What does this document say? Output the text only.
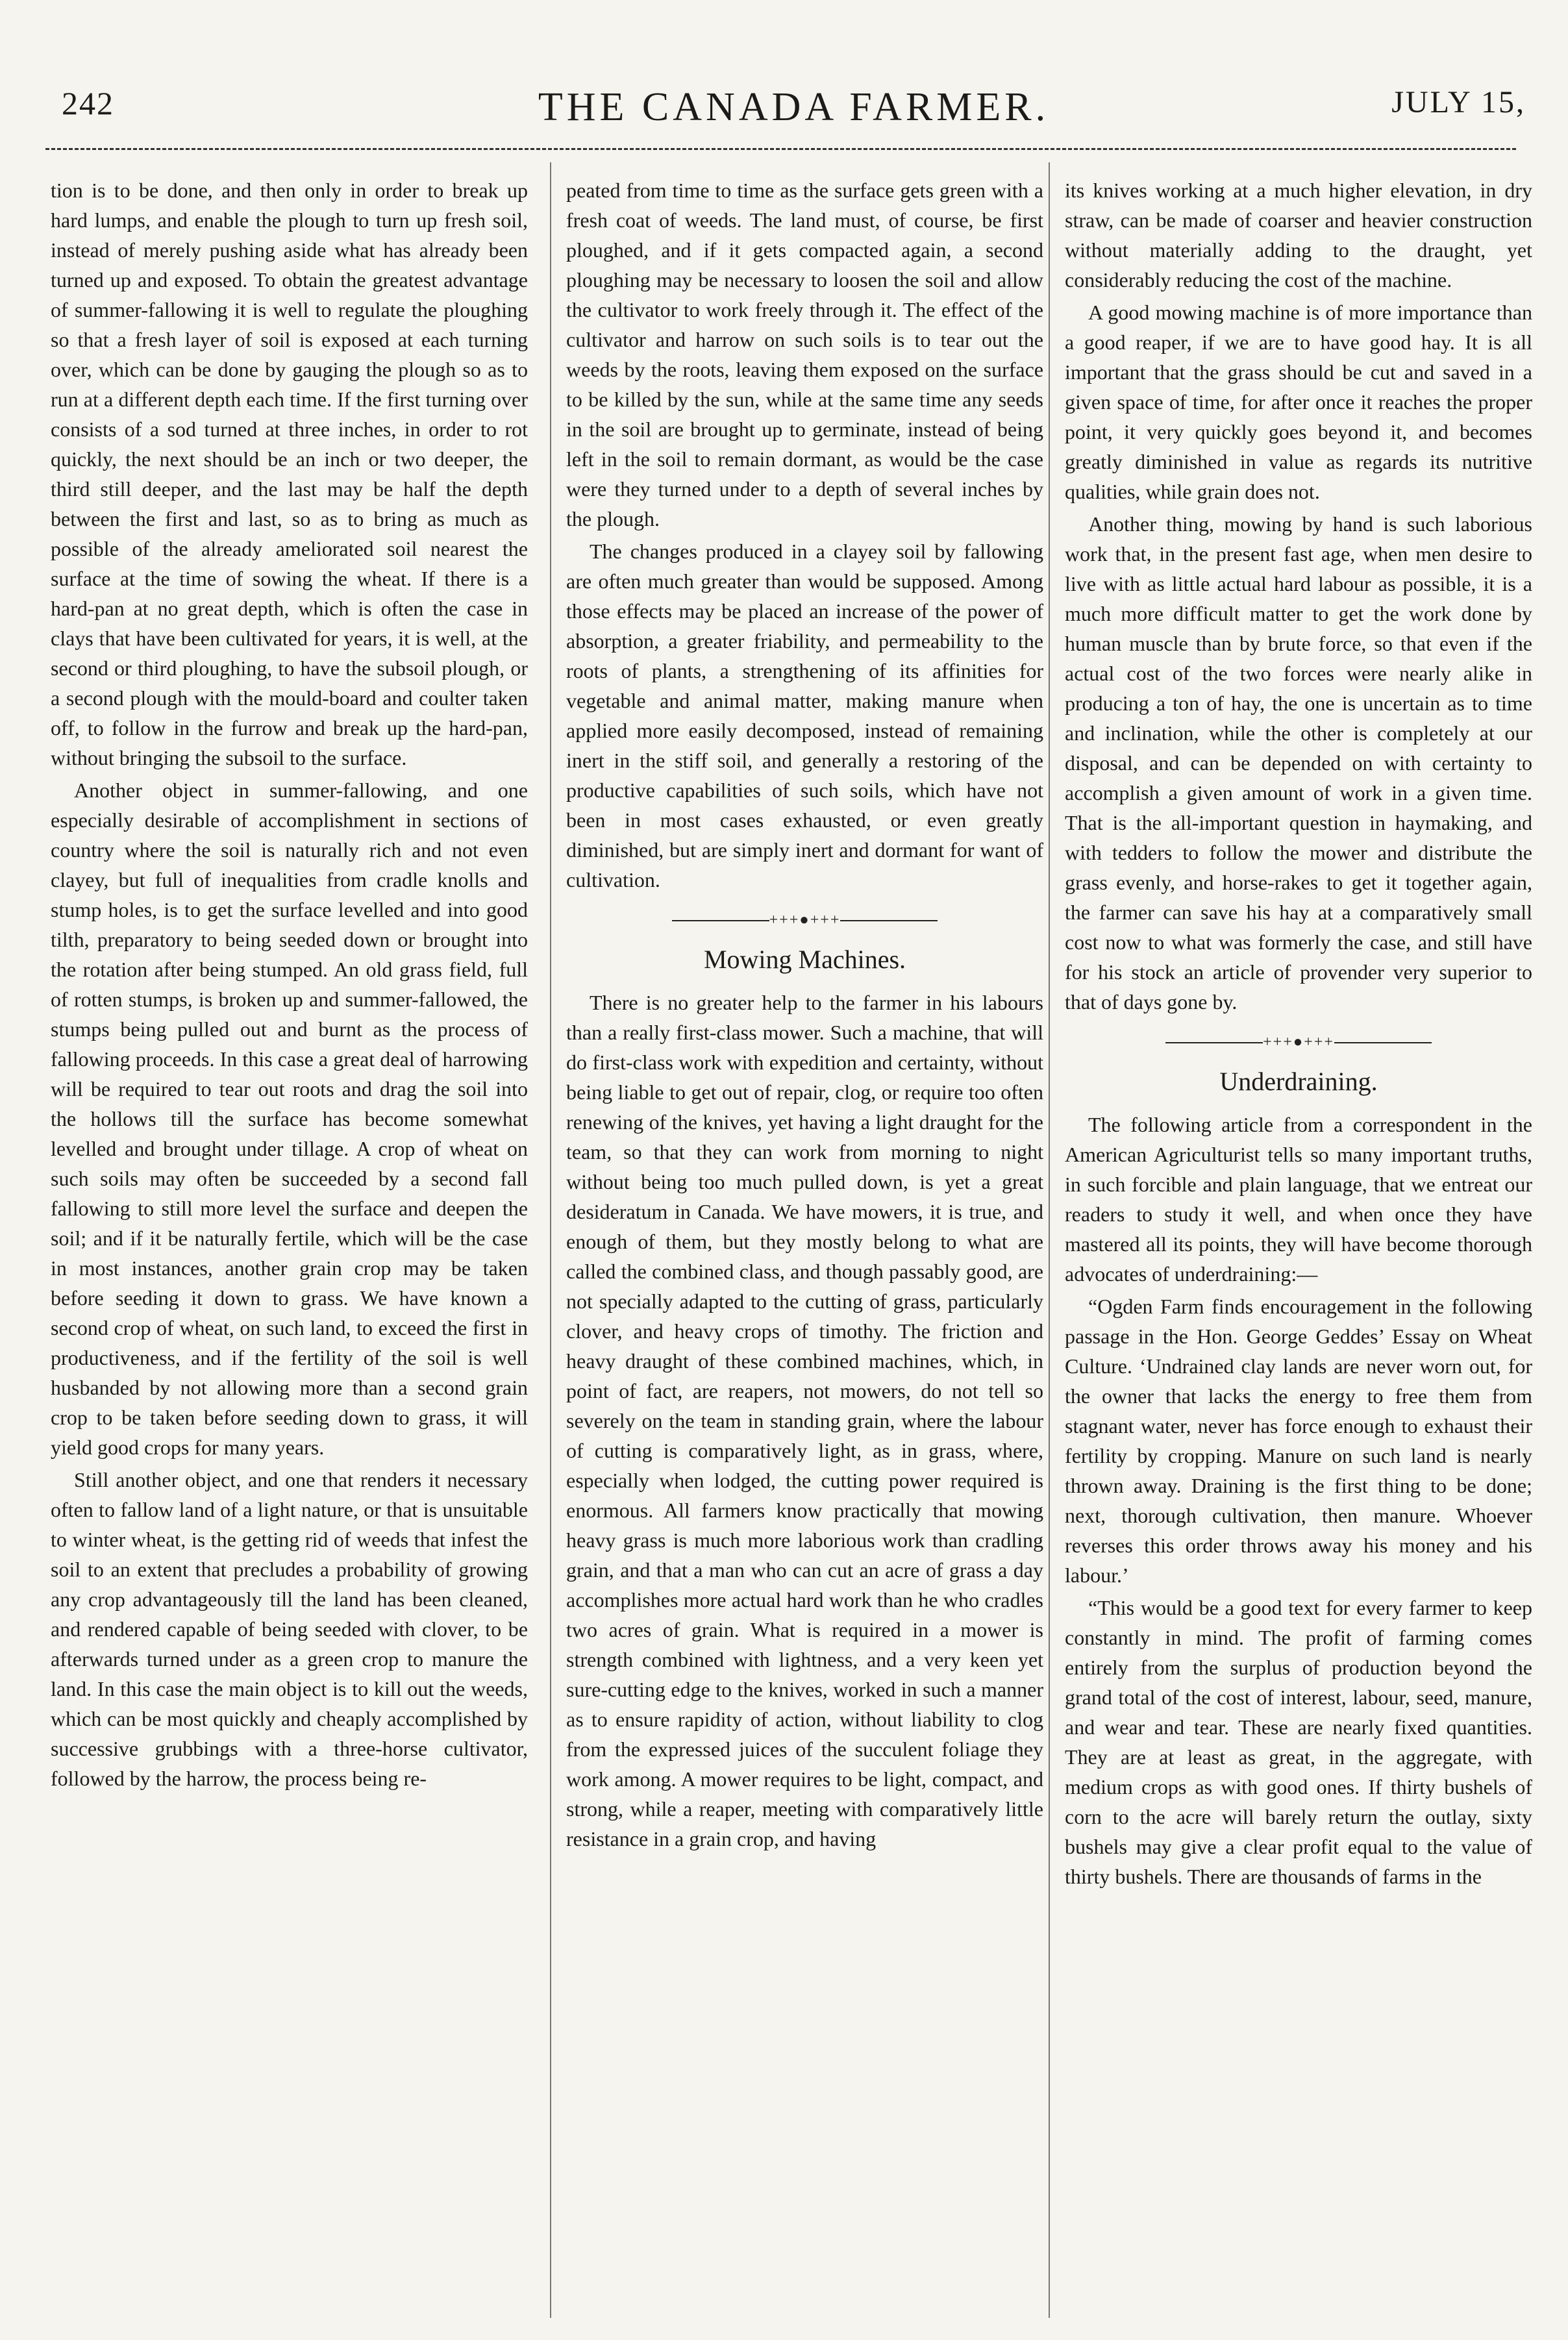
242	THE CANADA FARMER.	JULY 15,

tion is to be done, and then only in order to break up hard lumps, and enable the plough to turn up fresh soil, instead of merely pushing aside what has already been turned up and exposed. To obtain the greatest advantage of summer-fallowing it is well to regulate the ploughing so that a fresh layer of soil is exposed at each turning over, which can be done by gauging the plough so as to run at a different depth each time. If the first turning over consists of a sod turned at three inches, in order to rot quickly, the next should be an inch or two deeper, the third still deeper, and the last may be half the depth between the first and last, so as to bring as much as possible of the already ameliorated soil nearest the surface at the time of sowing the wheat. If there is a hard-pan at no great depth, which is often the case in clays that have been cultivated for years, it is well, at the second or third ploughing, to have the subsoil plough, or a second plough with the mould-board and coulter taken off, to follow in the furrow and break up the hard-pan, without bringing the subsoil to the surface.

Another object in summer-fallowing, and one especially desirable of accomplishment in sections of country where the soil is naturally rich and not even clayey, but full of inequalities from cradle knolls and stump holes, is to get the surface levelled and into good tilth, preparatory to being seeded down or brought into the rotation after being stumped. An old grass field, full of rotten stumps, is broken up and summer-fallowed, the stumps being pulled out and burnt as the process of fallowing proceeds. In this case a great deal of harrowing will be required to tear out roots and drag the soil into the hollows till the surface has become somewhat levelled and brought under tillage. A crop of wheat on such soils may often be succeeded by a second fall fallowing to still more level the surface and deepen the soil; and if it be naturally fertile, which will be the case in most instances, another grain crop may be taken before seeding it down to grass. We have known a second crop of wheat, on such land, to exceed the first in productiveness, and if the fertility of the soil is well husbanded by not allowing more than a second grain crop to be taken before seeding down to grass, it will yield good crops for many years.

Still another object, and one that renders it necessary often to fallow land of a light nature, or that is unsuitable to winter wheat, is the getting rid of weeds that infest the soil to an extent that precludes a probability of growing any crop advantageously till the land has been cleaned, and rendered capable of being seeded with clover, to be afterwards turned under as a green crop to manure the land. In this case the main object is to kill out the weeds, which can be most quickly and cheaply accomplished by successive grubbings with a three-horse cultivator, followed by the harrow, the process being re-

peated from time to time as the surface gets green with a fresh coat of weeds. The land must, of course, be first ploughed, and if it gets compacted again, a second ploughing may be necessary to loosen the soil and allow the cultivator to work freely through it. The effect of the cultivator and harrow on such soils is to tear out the weeds by the roots, leaving them exposed on the surface to be killed by the sun, while at the same time any seeds in the soil are brought up to germinate, instead of being left in the soil to remain dormant, as would be the case were they turned under to a depth of several inches by the plough.

The changes produced in a clayey soil by fallowing are often much greater than would be supposed. Among those effects may be placed an increase of the power of absorption, a greater friability, and permeability to the roots of plants, a strengthening of its affinities for vegetable and animal matter, making manure when applied more easily decomposed, instead of remaining inert in the stiff soil, and generally a restoring of the productive capabilities of such soils, which have not been in most cases exhausted, or even greatly diminished, but are simply inert and dormant for want of cultivation.

+++●+++
Mowing Machines.

There is no greater help to the farmer in his labours than a really first-class mower. Such a machine, that will do first-class work with expedition and certainty, without being liable to get out of repair, clog, or require too often renewing of the knives, yet having a light draught for the team, so that they can work from morning to night without being too much pulled down, is yet a great desideratum in Canada. We have mowers, it is true, and enough of them, but they mostly belong to what are called the combined class, and though passably good, are not specially adapted to the cutting of grass, particularly clover, and heavy crops of timothy. The friction and heavy draught of these combined machines, which, in point of fact, are reapers, not mowers, do not tell so severely on the team in standing grain, where the labour of cutting is comparatively light, as in grass, where, especially when lodged, the cutting power required is enormous. All farmers know practically that mowing heavy grass is much more laborious work than cradling grain, and that a man who can cut an acre of grass a day accomplishes more actual hard work than he who cradles two acres of grain. What is required in a mower is strength combined with lightness, and a very keen yet sure-cutting edge to the knives, worked in such a manner as to ensure rapidity of action, without liability to clog from the expressed juices of the succulent foliage they work among. A mower requires to be light, compact, and strong, while a reaper, meeting with comparatively little resistance in a grain crop, and having

its knives working at a much higher elevation, in dry straw, can be made of coarser and heavier construction without materially adding to the draught, yet considerably reducing the cost of the machine.

A good mowing machine is of more importance than a good reaper, if we are to have good hay. It is all important that the grass should be cut and saved in a given space of time, for after once it reaches the proper point, it very quickly goes beyond it, and becomes greatly diminished in value as regards its nutritive qualities, while grain does not.

Another thing, mowing by hand is such laborious work that, in the present fast age, when men desire to live with as little actual hard labour as possible, it is a much more difficult matter to get the work done by human muscle than by brute force, so that even if the actual cost of the two forces were nearly alike in producing a ton of hay, the one is uncertain as to time and inclination, while the other is completely at our disposal, and can be depended on with certainty to accomplish a given amount of work in a given time. That is the all-important question in haymaking, and with tedders to follow the mower and distribute the grass evenly, and horse-rakes to get it together again, the farmer can save his hay at a comparatively small cost now to what was formerly the case, and still have for his stock an article of provender very superior to that of days gone by.

+++●+++
Underdraining.

The following article from a correspondent in the American Agriculturist tells so many important truths, in such forcible and plain language, that we entreat our readers to study it well, and when once they have mastered all its points, they will have become thorough advocates of underdraining:—

“Ogden Farm finds encouragement in the following passage in the Hon. George Geddes’ Essay on Wheat Culture. ‘Undrained clay lands are never worn out, for the owner that lacks the energy to free them from stagnant water, never has force enough to exhaust their fertility by cropping. Manure on such land is nearly thrown away. Draining is the first thing to be done; next, thorough cultivation, then manure. Whoever reverses this order throws away his money and his labour.’

“This would be a good text for every farmer to keep constantly in mind. The profit of farming comes entirely from the surplus of production beyond the grand total of the cost of interest, labour, seed, manure, and wear and tear. These are nearly fixed quantities. They are at least as great, in the aggregate, with medium crops as with good ones. If thirty bushels of corn to the acre will barely return the outlay, sixty bushels may give a clear profit equal to the value of thirty bushels. There are thousands of farms in the
